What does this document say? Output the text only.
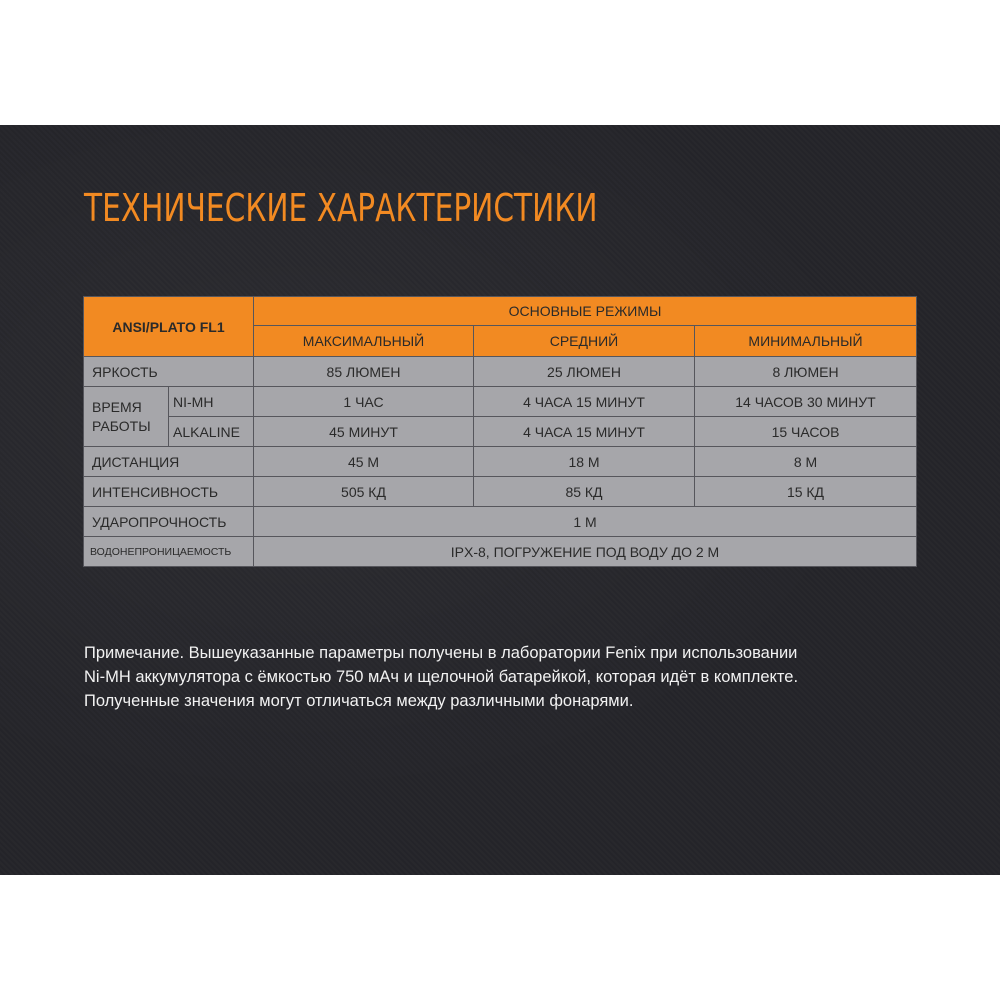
ТЕХНИЧЕСКИЕ ХАРАКТЕРИСТИКИ
ANSI/PLATO FL1		ОСНОВНЫЕ РЕЖИМЫ		
		МАКСИМАЛЬНЫЙ	СРЕДНИЙ	МИНИМАЛЬНЫЙ
ЯРКОСТЬ		85 ЛЮМЕН	25 ЛЮМЕН	8 ЛЮМЕН
ВРЕМЯ
РАБОТЫ	NI-MH	1 ЧАС	4 ЧАСА 15 МИНУТ	14 ЧАСОВ 30 МИНУТ
	ALKALINE	45 МИНУТ	4 ЧАСА 15 МИНУТ	15 ЧАСОВ
ДИСТАНЦИЯ		45 М	18 М	8 М
ИНТЕНСИВНОСТЬ		505 КД	85 КД	15 КД
УДАРОПРОЧНОСТЬ		1 М		
ВОДОНЕПРОНИЦАЕМОСТЬ		IPX-8, ПОГРУЖЕНИЕ ПОД ВОДУ ДО 2 М		

Примечание. Вышеуказанные параметры получены в лаборатории Fenix при использовании
Ni-MH аккумулятора с ёмкостью 750 мАч и щелочной батарейкой, которая идёт в комплекте.
Полученные значения могут отличаться между различными фонарями.
